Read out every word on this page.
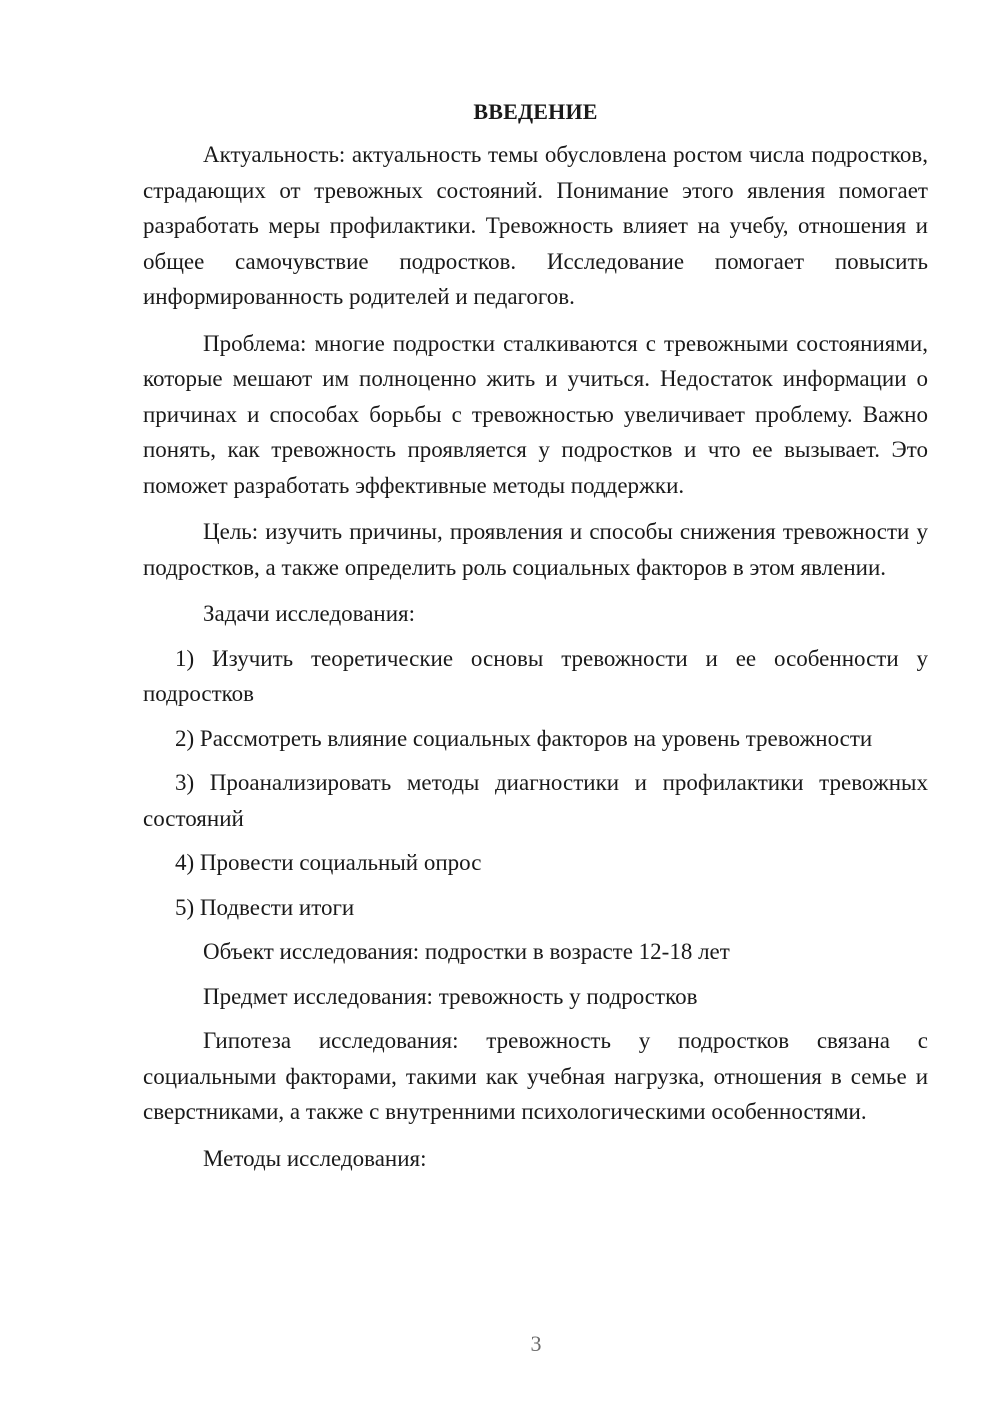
ВВЕДЕНИЕ

Актуальность: актуальность темы обусловлена ростом числа подростков, страдающих от тревожных состояний. Понимание этого явления помогает разработать меры профилактики. Тревожность влияет на учебу, отношения и общее самочувствие подростков. Исследование помогает повысить информированность родителей и педагогов.

Проблема: многие подростки сталкиваются с тревожными состояниями, которые мешают им полноценно жить и учиться. Недостаток информации о причинах и способах борьбы с тревожностью увеличивает проблему. Важно понять, как тревожность проявляется у подростков и что ее вызывает. Это поможет разработать эффективные методы поддержки.

Цель: изучить причины, проявления и способы снижения тревожности у подростков, а также определить роль социальных факторов в этом явлении.

Задачи исследования:

1) Изучить теоретические основы тревожности и ее особенности у подростков

2) Рассмотреть влияние социальных факторов на уровень тревожности

3) Проанализировать методы диагностики и профилактики тревожных состояний

4) Провести социальный опрос

5) Подвести итоги

Объект исследования: подростки в возрасте 12-18 лет

Предмет исследования: тревожность у подростков

Гипотеза исследования: тревожность у подростков связана с социальными факторами, такими как учебная нагрузка, отношения в семье и сверстниками, а также с внутренними психологическими особенностями.

Методы исследования:

3
